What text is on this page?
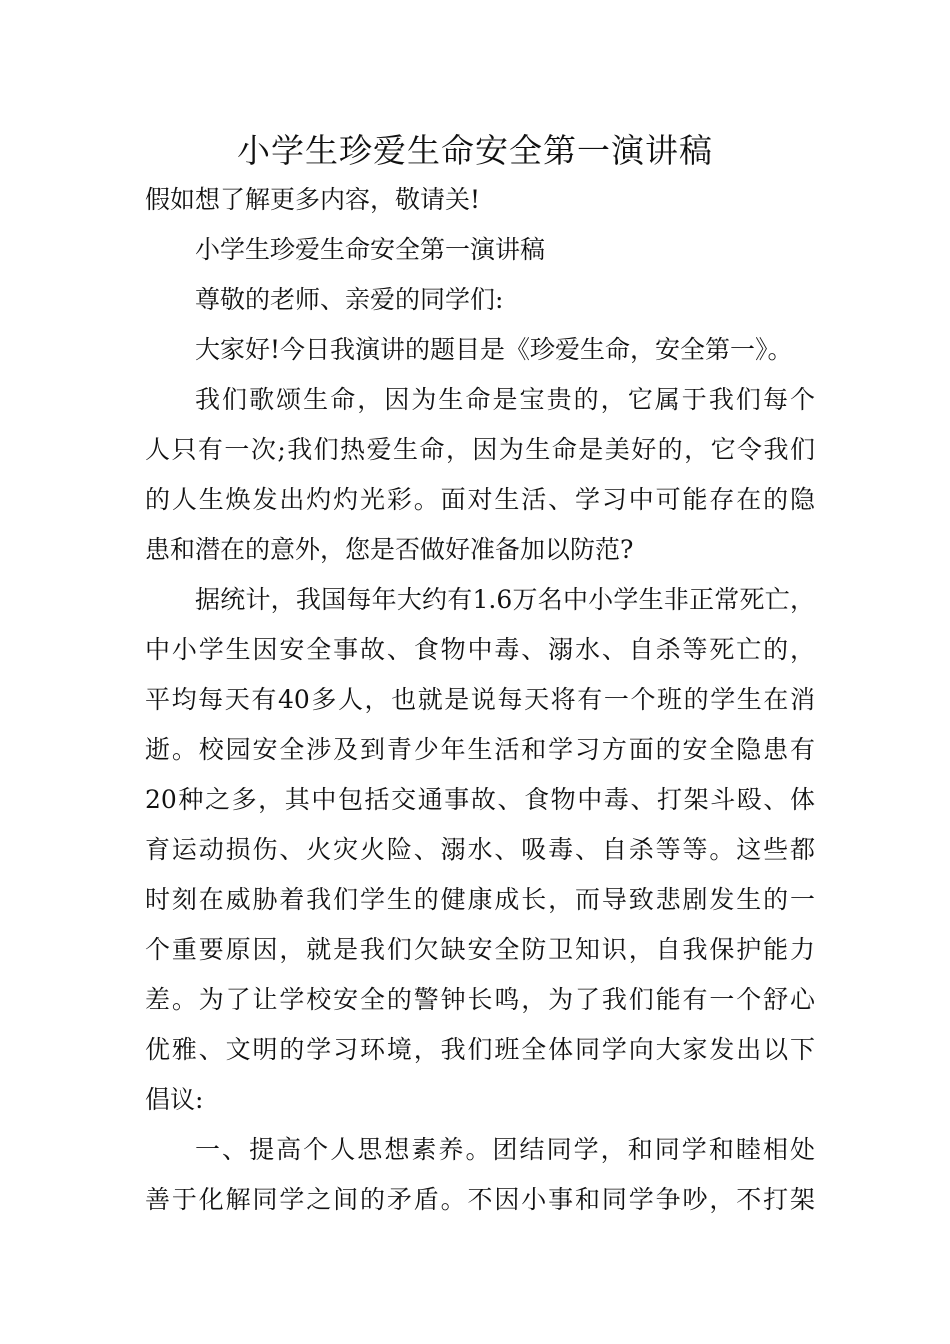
小学生珍爱生命安全第一演讲稿

假如想了解更多内容，敬请关!

小学生珍爱生命安全第一演讲稿

尊敬的老师、亲爱的同学们:

大家好!今日我演讲的题目是《珍爱生命，安全第一》。

我们歌颂生命，因为生命是宝贵的，它属于我们每个

人只有一次;我们热爱生命，因为生命是美好的，它令我们

的人生焕发出灼灼光彩。面对生活、学习中可能存在的隐

患和潜在的意外，您是否做好准备加以防范?

据统计，我国每年大约有1.6万名中小学生非正常死亡，

中小学生因安全事故、食物中毒、溺水、自杀等死亡的，

平均每天有40多人，也就是说每天将有一个班的学生在消

逝。校园安全涉及到青少年生活和学习方面的安全隐患有

20种之多，其中包括交通事故、食物中毒、打架斗殴、体

育运动损伤、火灾火险、溺水、吸毒、自杀等等。这些都

时刻在威胁着我们学生的健康成长，而导致悲剧发生的一

个重要原因，就是我们欠缺安全防卫知识，自我保护能力

差。为了让学校安全的警钟长鸣，为了我们能有一个舒心

优雅、文明的学习环境，我们班全体同学向大家发出以下

倡议:

一、提高个人思想素养。团结同学，和同学和睦相处

善于化解同学之间的矛盾。不因小事和同学争吵，不打架
